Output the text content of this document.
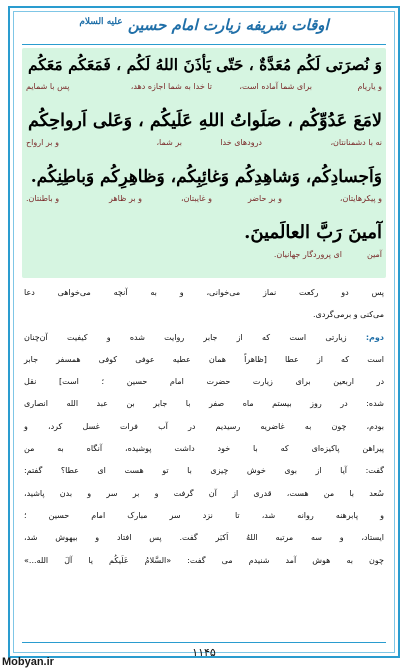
اوقات شریفه زیارت امام حسین $^{عليه السلام}$
وَ نُصرَتی لَکُم مُعَدَّةٌ ، حَتّی یَأذَنَ اللهُ لَکُم ، فَمَعَکُم مَعَکُم
و یاریام
برای شما آماده است،
تا خدا به شما اجازه دهد،
پس با شمایم
لامَعَ عَدُوِّکُم ، صَلَواتُ اللهِ عَلَیکُم ، وَعَلی اَرواحِکُم
نه با دشمنانتان،
درودهای خدا
بر شما،
و بر ارواح
وَاَجسادِکُم، وَشاهِدِکُم وَغائِبِکُم، وَظاهِرِکُم وَباطِنِکُم.
و پیکرهایتان،
و بر حاضر
و غایبتان،
و بر ظاهر
و باطنتان.
آمینَ رَبَّ العالَمینَ.
آمین
ای پروردگار جهانیان.
پس دو رکعت نماز می‌خوانی، و به آنچه می‌خواهی دعا
می‌کنی و برمی‌گردی.
دوم: زیارتی است که از جابر روایت شده و کیفیت آن‌چنان
است که از عطا [ظاهراً همان عطیه عوفی کوفی همسفر جابر
در اربعین برای زیارت حضرت امام حسین ؛ است] نقل
شده: در روز بیستم ماه صفر با جابر بن عبد الله انصاری
بودم، چون به غاضریه رسیدیم در آب فرات غسل کرد، و
پیراهن پاکیزه‌ای که با خود داشت پوشیده، آنگاه به من
گفت: آیا از بوی خوش چیزی با تو هست ای عطا؟ گفتم:
سُعد با من هست، قدری از آن گرفت و بر سر و بدن پاشید،
و پابرهنه روانه شد، تا نزد سر مبارک امام حسین ؛
ایستاد، و سه مرتبه اللهُ اَکبَر گفت. پس افتاد و بیهوش شد،
چون به هوش آمد شنیدم می گفت: «السَّلامُ عَلَیکُم یا آلَ الله...»
۱۱۴۵
Mobyan.ir
